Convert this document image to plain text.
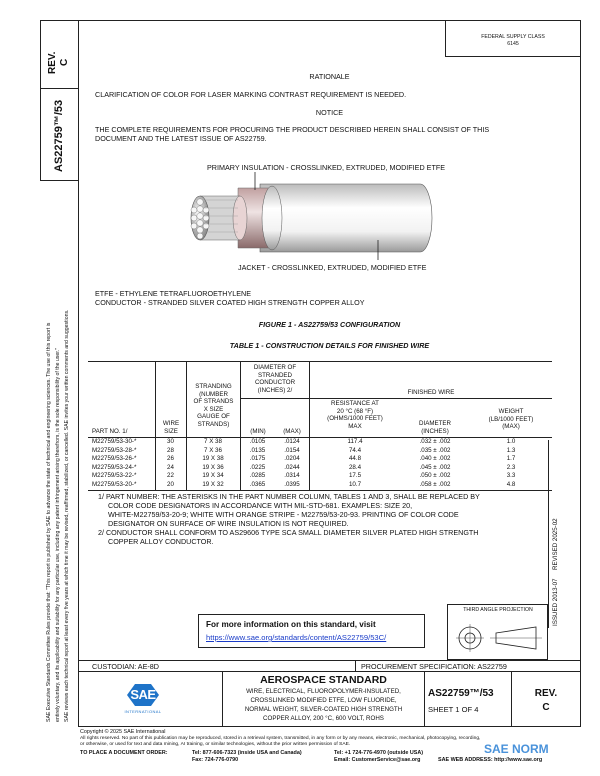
REV. C
AS22759™/53
SAE Executive Standards Committee Rules provide that: "This report is published by SAE to advance the state of technical and engineering sciences. The use of this report is entirely voluntary, and its applicability and suitability for any particular use, including any patent infringement arising therefrom, is the sole responsibility of the user." SAE reviews each technical report at least every five years at which time it may be revised, reaffirmed, stabilized, or cancelled. SAE invites your written comments and suggestions.	ISSUED 2013-07
REVISED 2025-02
FEDERAL SUPPLY CLASS
6145
RATIONALE
CLARIFICATION OF COLOR FOR LASER MARKING CONTRAST REQUIREMENT IS NEEDED.
NOTICE
THE COMPLETE REQUIREMENTS FOR PROCURING THE PRODUCT DESCRIBED HEREIN SHALL CONSIST OF THIS
DOCUMENT AND THE LATEST ISSUE OF AS22759.
PRIMARY INSULATION - CROSSLINKED, EXTRUDED, MODIFIED ETFE
JACKET - CROSSLINKED, EXTRUDED, MODIFIED ETFE
ETFE - ETHYLENE TETRAFLUOROETHYLENE
CONDUCTOR - STRANDED SILVER COATED HIGH STRENGTH COPPER ALLOY
FIGURE 1 - AS22759/53 CONFIGURATION
TABLE 1 - CONSTRUCTION DETAILS FOR FINISHED WIRE
DIAMETER OF
STRANDED
CONDUCTOR
(INCHES) 2/	FINISHED WIRE
STRANDING
(NUMBER
OF STRANDS
X SIZE
GAUGE OF
STRANDS)
RESISTANCE AT
20 °C (68 °F)
(OHMS/1000 FEET)
MAX
WEIGHT
(LB/1000 FEET)
(MAX)
PART NO. 1/
WIRE
SIZE	(MIN)	(MAX)
DIAMETER
(INCHES)
M22759/53-30-*	30	7 X 38	.0105	.0124	117.4	.032 ± .002	1.0
M22759/53-28-*	28	7 X 36	.0135	.0154	74.4	.035 ± .002	1.3
M22759/53-26-*	26	19 X 38	.0175	.0204	44.8	.040 ± .002	1.7
M22759/53-24-*	24	19 X 36	.0225	.0244	28.4	.045 ± .002	2.3
M22759/53-22-*	22	19 X 34	.0285	.0314	17.5	.050 ± .002	3.3
M22759/53-20-*	20	19 X 32	.0365	.0395	10.7	.058 ± .002	4.8
1/ PART NUMBER: THE ASTERISKS IN THE PART NUMBER COLUMN, TABLES 1 AND 3, SHALL BE REPLACED BY
COLOR CODE DESIGNATORS IN ACCORDANCE WITH MIL-STD-681. EXAMPLES: SIZE 20,
WHITE-M22759/53-20-9; WHITE WITH ORANGE STRIPE - M22759/53-20-93. PRINTING OF COLOR CODE
DESIGNATOR ON SURFACE OF WIRE INSULATION IS NOT REQUIRED.
2/ CONDUCTOR SHALL CONFORM TO AS29606 TYPE SCA SMALL DIAMETER SILVER PLATED HIGH STRENGTH
COPPER ALLOY CONDUCTOR.
For more information on this standard, visit
https://www.sae.org/standards/content/AS22759/53C/
THIRD ANGLE PROJECTION
CUSTODIAN: AE-8D	PROCUREMENT SPECIFICATION: AS22759
SAE
INTERNATIONAL
AEROSPACE STANDARD
WIRE, ELECTRICAL, FLUOROPOLYMER-INSULATED,
CROSSLINKED MODIFIED ETFE, LOW FLUORIDE,
NORMAL WEIGHT, SILVER-COATED HIGH STRENGTH
COPPER ALLOY, 200 °C, 600 VOLT, ROHS
AS22759™/53
SHEET 1 OF 4
REV.
C
Copyright © 2025 SAE International
All rights reserved. No part of this publication may be reproduced, stored in a retrieval system, transmitted, in any form or by any means, electronic, mechanical, photocopying, recording,
or otherwise, or used for text and data mining, AI training, or similar technologies, without the prior written permission of SAE.
TO PLACE A DOCUMENT ORDER:	Tel: 877-606-7323 (inside USA and Canada)	Tel: +1 724-776-4970 (outside USA)
Fax: 724-776-0790	Email: CustomerService@sae.org	SAE WEB ADDRESS: http://www.sae.org
SAE NORM
